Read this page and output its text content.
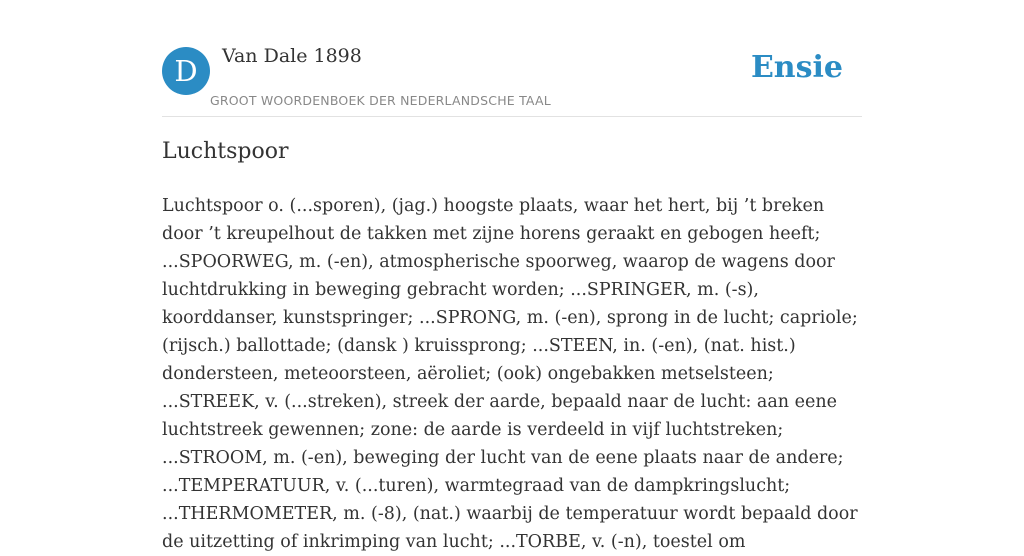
D	Van Dale 1898
GROOT WOORDENBOEK DER NEDERLANDSCHE TAAL
Ensie
Luchtspoor

Luchtspoor o. (...sporen), (jag.) hoogste plaats, waar het hert, bij ’t breken door ’t kreupelhout de takken met zijne horens geraakt en gebogen heeft; ...SPOORWEG, m. (-en), atmospherische spoorweg, waarop de wagens door luchtdrukking in beweging gebracht worden; ...SPRINGER, m. (-s), koorddanser, kunstspringer; ...SPRONG, m. (-en), sprong in de lucht; capriole; (rijsch.) ballottade; (dansk ) kruissprong; ...STEEN, in. (-en), (nat. hist.) dondersteen, meteoorsteen, aëroliet; (ook) ongebakken metselsteen; ...STREEK, v. (...streken), streek der aarde, bepaald naar de lucht: aan eene luchtstreek gewennen; zone: de aarde is verdeeld in vijf luchtstreken; ...STROOM, m. (-en), beweging der lucht van de eene plaats naar de andere; ...TEMPERATUUR, v. (...turen), warmtegraad van de dampkringslucht; ...THERMOMETER, m. (-8), (nat.) waarbij de temperatuur wordt bepaald door de uitzetting of inkrimping van lucht; ...TORBE, v. (-n), toestel om
